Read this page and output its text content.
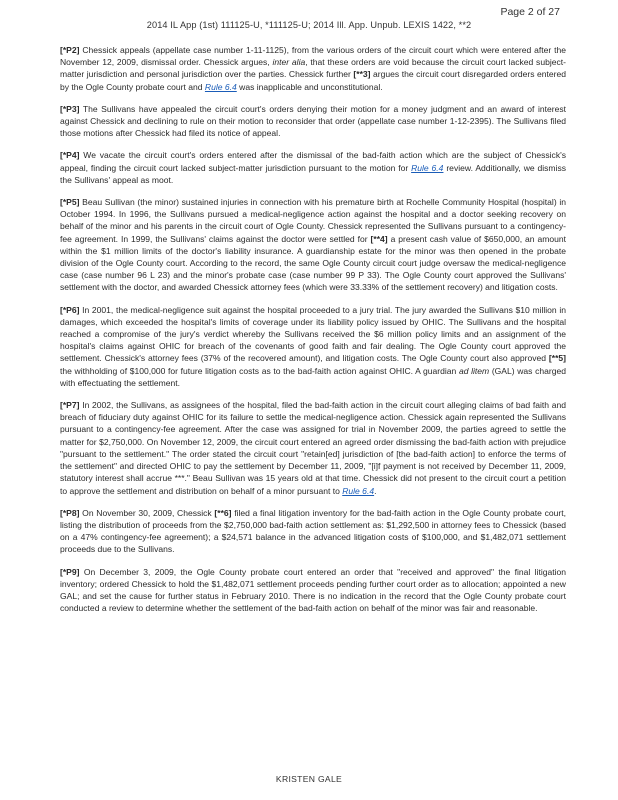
Page 2 of 27
2014 IL App (1st) 111125-U, *111125-U; 2014 Ill. App. Unpub. LEXIS 1422, **2

[*P2] Chessick appeals (appellate case number 1-11-1125), from the various orders of the circuit court which were entered after the November 12, 2009, dismissal order. Chessick argues, inter alia, that these orders are void because the circuit court lacked subject-matter jurisdiction and personal jurisdiction over the parties. Chessick further [**3] argues the circuit court disregarded orders entered by the Ogle County probate court and Rule 6.4 was inapplicable and unconstitutional.

[*P3] The Sullivans have appealed the circuit court's orders denying their motion for a money judgment and an award of interest against Chessick and declining to rule on their motion to reconsider that order (appellate case number 1-12-2395). The Sullivans filed those motions after Chessick had filed its notice of appeal.

[*P4] We vacate the circuit court's orders entered after the dismissal of the bad-faith action which are the subject of Chessick's appeal, finding the circuit court lacked subject-matter jurisdiction pursuant to the motion for Rule 6.4 review. Additionally, we dismiss the Sullivans' appeal as moot.

[*P5] Beau Sullivan (the minor) sustained injuries in connection with his premature birth at Rochelle Community Hospital (hospital) in October 1994. In 1996, the Sullivans pursued a medical-negligence action against the hospital and a doctor seeking recovery on behalf of the minor and his parents in the circuit court of Ogle County. Chessick represented the Sullivans pursuant to a contingency-fee agreement. In 1999, the Sullivans' claims against the doctor were settled for [**4] a present cash value of $650,000, an amount within the $1 million limits of the doctor's liability insurance. A guardianship estate for the minor was then opened in the probate division of the Ogle County court. According to the record, the same Ogle County circuit court judge oversaw the medical-negligence case (case number 96 L 23) and the minor's probate case (case number 99 P 33). The Ogle County court approved the Sullivans' settlement with the doctor, and awarded Chessick attorney fees (which were 33.33% of the settlement recovery) and litigation costs.

[*P6] In 2001, the medical-negligence suit against the hospital proceeded to a jury trial. The jury awarded the Sullivans $10 million in damages, which exceeded the hospital's limits of coverage under its liability policy issued by OHIC. The Sullivans and the hospital reached a compromise of the jury's verdict whereby the Sullivans received the $6 million policy limits and an assignment of the hospital's claims against OHIC for breach of the covenants of good faith and fair dealing. The Ogle County court approved the settlement. Chessick's attorney fees (37% of the recovered amount), and litigation costs. The Ogle County court also approved [**5] the withholding of $100,000 for future litigation costs as to the bad-faith action against OHIC. A guardian ad litem (GAL) was charged with effectuating the settlement.

[*P7] In 2002, the Sullivans, as assignees of the hospital, filed the bad-faith action in the circuit court alleging claims of bad faith and breach of fiduciary duty against OHIC for its failure to settle the medical-negligence action. Chessick again represented the Sullivans pursuant to a contingency-fee agreement. After the case was assigned for trial in November 2009, the parties agreed to settle the matter for $2,750,000. On November 12, 2009, the circuit court entered an agreed order dismissing the bad-faith action with prejudice "pursuant to the settlement." The order stated the circuit court "retain[ed] jurisdiction of [the bad-faith action] to enforce the terms of the settlement" and directed OHIC to pay the settlement by December 11, 2009, "[i]f payment is not received by December 11, 2009, statutory interest shall accrue ***." Beau Sullivan was 15 years old at that time. Chessick did not present to the circuit court a petition to approve the settlement and distribution on behalf of a minor pursuant to Rule 6.4.

[*P8] On November 30, 2009, Chessick [**6] filed a final litigation inventory for the bad-faith action in the Ogle County probate court, listing the distribution of proceeds from the $2,750,000 bad-faith action settlement as: $1,292,500 in attorney fees to Chessick (based on a 47% contingency-fee agreement); a $24,571 balance in the advanced litigation costs of $100,000, and $1,482,071 settlement proceeds due to the Sullivans.

[*P9] On December 3, 2009, the Ogle County probate court entered an order that "received and approved" the final litigation inventory; ordered Chessick to hold the $1,482,071 settlement proceeds pending further court order as to allocation; appointed a new GAL; and set the cause for further status in February 2010. There is no indication in the record that the Ogle County probate court conducted a review to determine whether the settlement of the bad-faith action on behalf of the minor was fair and reasonable.

KRISTEN GALE
